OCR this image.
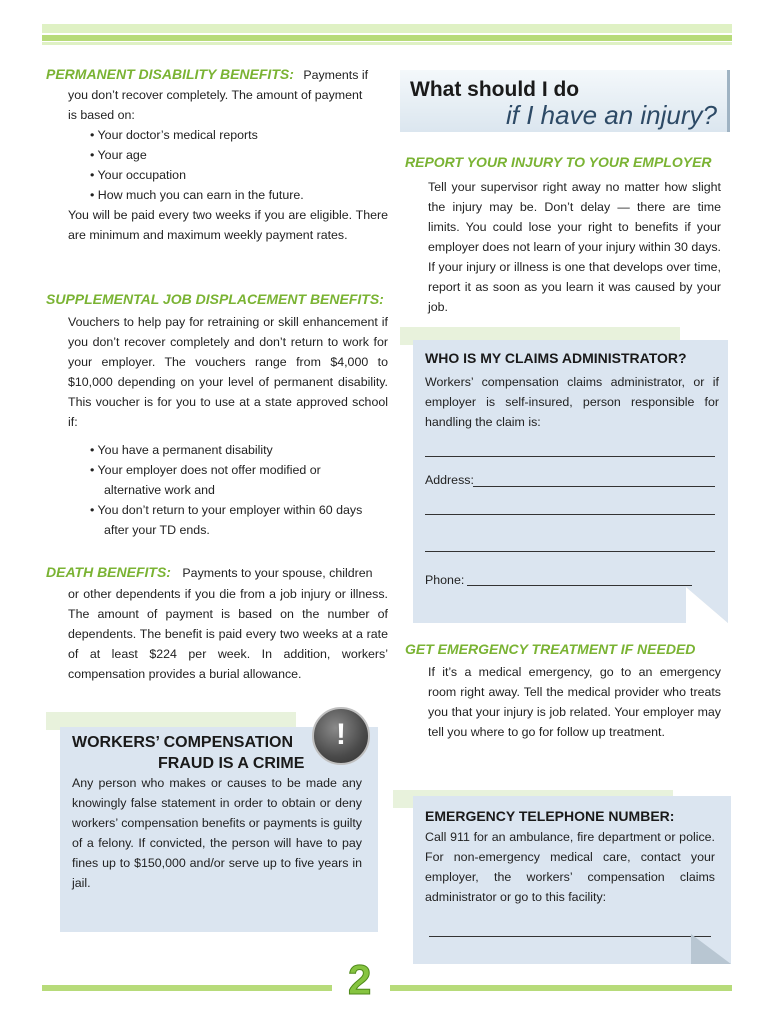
PERMANENT DISABILITY BENEFITS: Payments if
you don’t recover completely. The amount of payment
is based on:
• Your doctor’s medical reports
• Your age
• Your occupation
• How much you can earn in the future.
You will be paid every two weeks if you are eligible. There are minimum and maximum weekly payment rates.
SUPPLEMENTAL JOB DISPLACEMENT BENEFITS:
Vouchers to help pay for retraining or skill enhancement if you don’t recover completely and don’t return to work for your employer. The vouchers range from $4,000 to $10,000 depending on your level of permanent disability. This voucher is for you to use at a state approved school if:
• You have a permanent disability
• Your employer does not offer modified or
alternative work and
• You don’t return to your employer within 60 days
after your TD ends.
DEATH BENEFITS: Payments to your spouse, children
or other dependents if you die from a job injury or illness. The amount of payment is based on the number of dependents. The benefit is paid every two weeks at a rate of at least $224 per week. In addition, workers’ compensation provides a burial allowance.
WORKERS’ COMPENSATION
FRAUD IS A CRIME
Any person who makes or causes to be made any knowingly false statement in order to obtain or deny workers’ compensation benefits or payments is guilty of a felony. If convicted, the person will have to pay fines up to $150,000 and/or serve up to five years in jail.
!
What should I do
if I have an injury?
REPORT YOUR INJURY TO YOUR EMPLOYER
Tell your supervisor right away no matter how slight the injury may be. Don’t delay — there are time limits. You could lose your right to benefits if your employer does not learn of your injury within 30 days. If your injury or illness is one that develops over time, report it as soon as you learn it was caused by your job.
WHO IS MY CLAIMS ADMINISTRATOR?
Workers’ compensation claims administrator, or if employer is self-insured, person responsible for handling the claim is:
Address:
Phone:
GET EMERGENCY TREATMENT IF NEEDED
If it’s a medical emergency, go to an emergency room right away. Tell the medical provider who treats you that your injury is job related. Your employer may tell you where to go for follow up treatment.
EMERGENCY TELEPHONE NUMBER:
Call 911 for an ambulance, fire department or police. For non-emergency medical care, contact your employer, the workers’ compensation claims administrator or go to this facility:
2
